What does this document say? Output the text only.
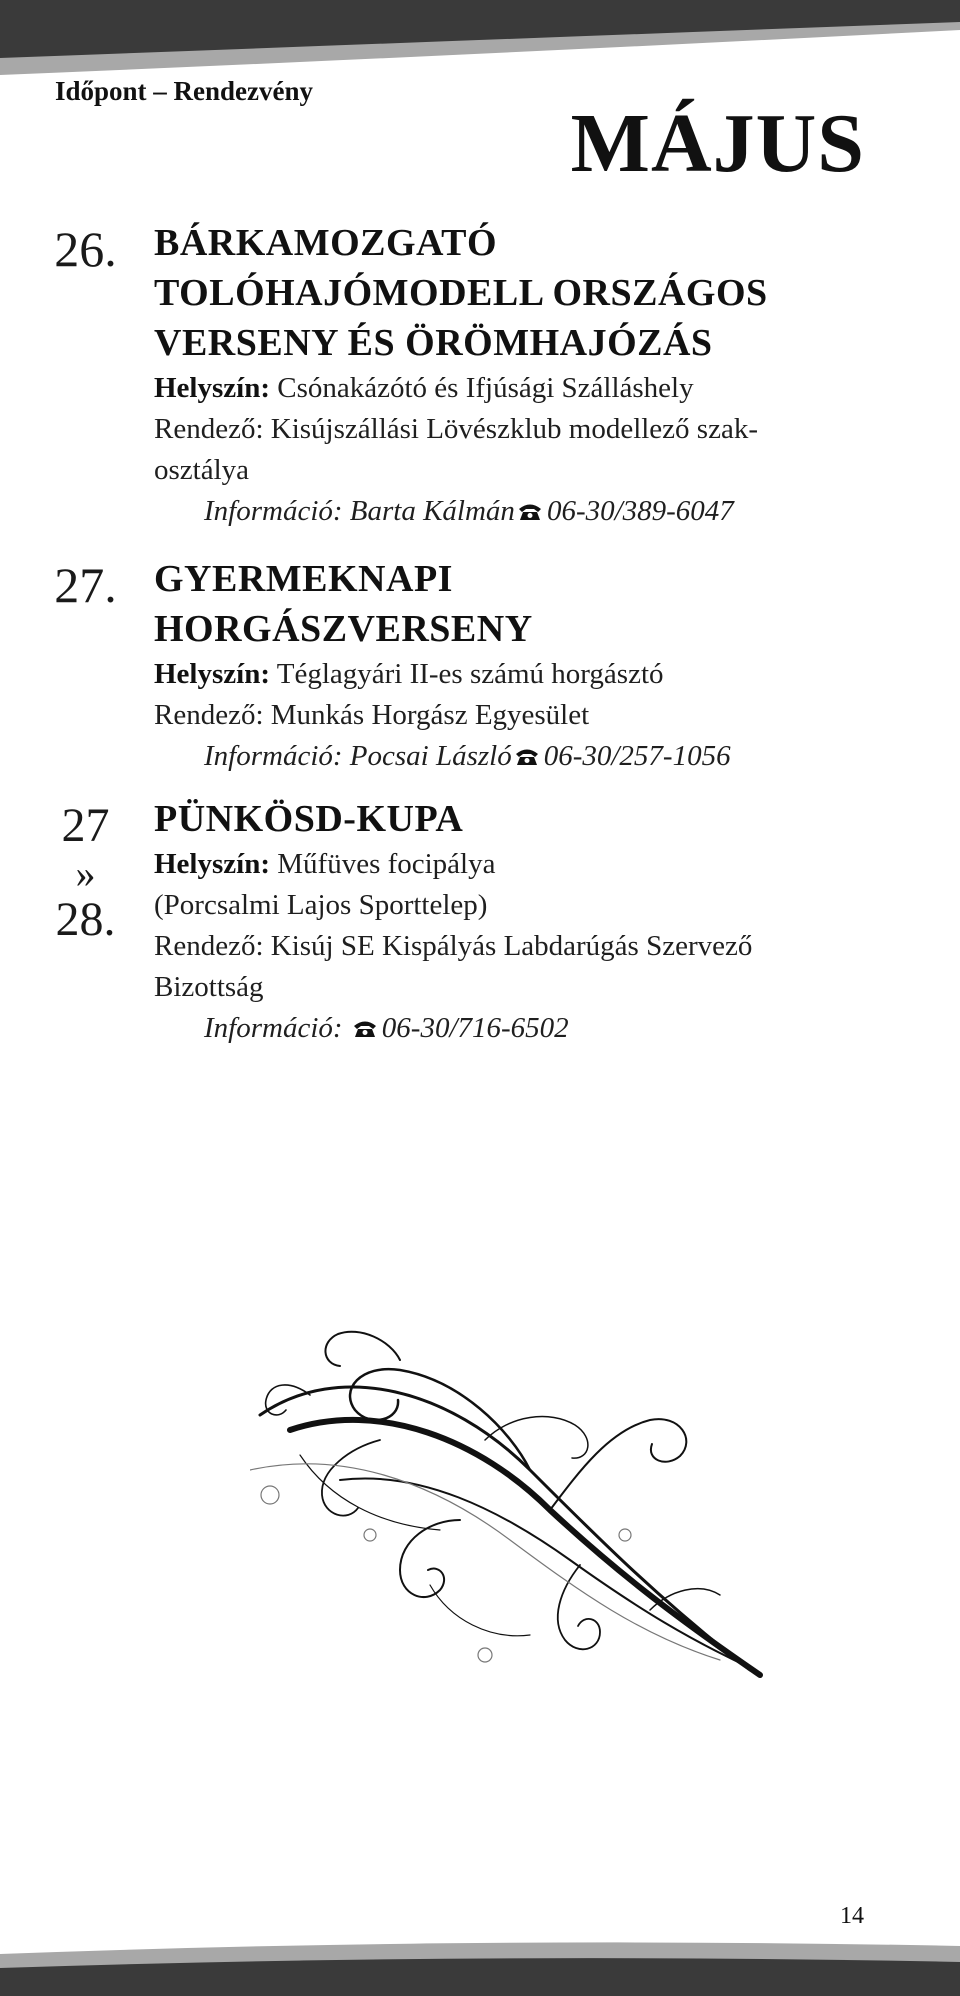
Időpont – Rendezvény
MÁJUS
26. BÁRKAMOZGATÓ

TOLÓHAJÓMODELL ORSZÁGOS

VERSENY ÉS ÖRÖMHAJÓZÁS

Helyszín: Csónakázótó és Ifjúsági Szálláshely

Rendező: Kisújszállási Lövészklub modellező szak-

osztálya

Információ: Barta Kálmán 06-30/389-6047

27. GYERMEKNAPI

HORGÁSZVERSENY

Helyszín: Téglagyári II-es számú horgásztó

Rendező: Munkás Horgász Egyesület

Információ: Pocsai László 06-30/257-1056

27
»
28.

PÜNKÖSD-KUPA

Helyszín: Műfüves focipálya

(Porcsalmi Lajos Sporttelep)

Rendező: Kisúj SE Kispályás Labdarúgás Szervező

Bizottság

Információ: 06-30/716-6502

14
